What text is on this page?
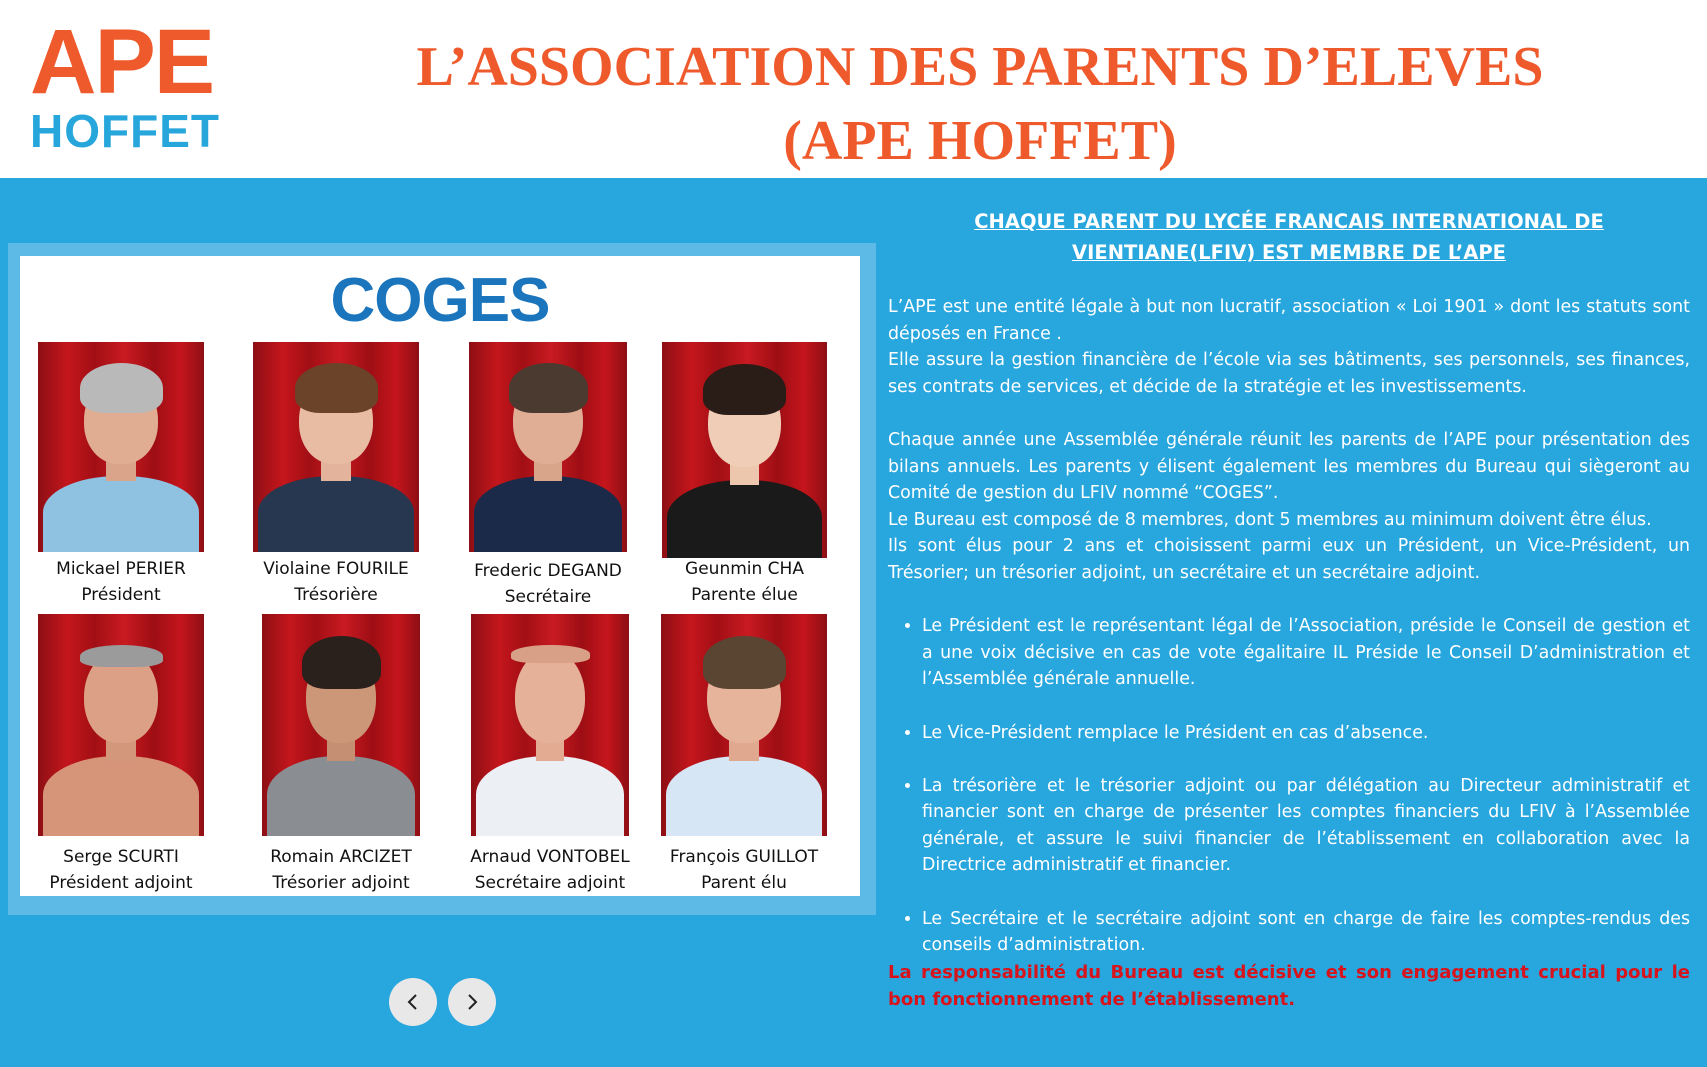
APE
HOFFET
L’ASSOCIATION DES PARENTS D’ELEVES
(APE HOFFET)
COGES
Mickael PERIER
Président
Violaine FOURILE
Trésorière
Frederic DEGAND
Secrétaire
Geunmin CHA
Parente élue
Serge SCURTI
Président adjoint
Romain ARCIZET
Trésorier adjoint
Arnaud VONTOBEL
Secrétaire adjoint
François GUILLOT
Parent élu
CHAQUE PARENT DU LYCÉE FRANCAIS INTERNATIONAL DE VIENTIANE(LFIV) EST MEMBRE DE L’APE

L’APE est une entité légale à but non lucratif, association « Loi 1901 » dont les statuts sont déposés en France .

Elle assure la gestion financière de l’école via ses bâtiments, ses personnels, ses finances, ses contrats de services, et décide de la stratégie et les investissements.

Chaque année une Assemblée générale réunit les parents de l’APE pour présentation des bilans annuels. Les parents y élisent également les membres du Bureau qui siègeront au Comité de gestion du LFIV nommé “COGES”.

Le Bureau est composé de 8 membres, dont 5 membres au minimum doivent être élus.

Ils sont élus pour 2 ans et choisissent parmi eux un Président, un Vice-Président, un Trésorier; un trésorier adjoint, un secrétaire et un secrétaire adjoint.

• Le Président est le représentant légal de l’Association, préside le Conseil de gestion et a une voix décisive en cas de vote égalitaire IL Préside le Conseil D’administration et l’Assemblée générale annuelle.
• Le Vice-Président remplace le Président en cas d’absence.
• La trésorière et le trésorier adjoint ou par délégation au Directeur administratif et financier sont en charge de présenter les comptes financiers du LFIV à l’Assemblée générale, et assure le suivi financier de l’établissement en collaboration avec la Directrice administratif et financier.
• Le Secrétaire et le secrétaire adjoint sont en charge de faire les comptes-rendus des conseils d’administration.

La responsabilité du Bureau est décisive et son engagement crucial pour le bon fonctionnement de l’établissement.
